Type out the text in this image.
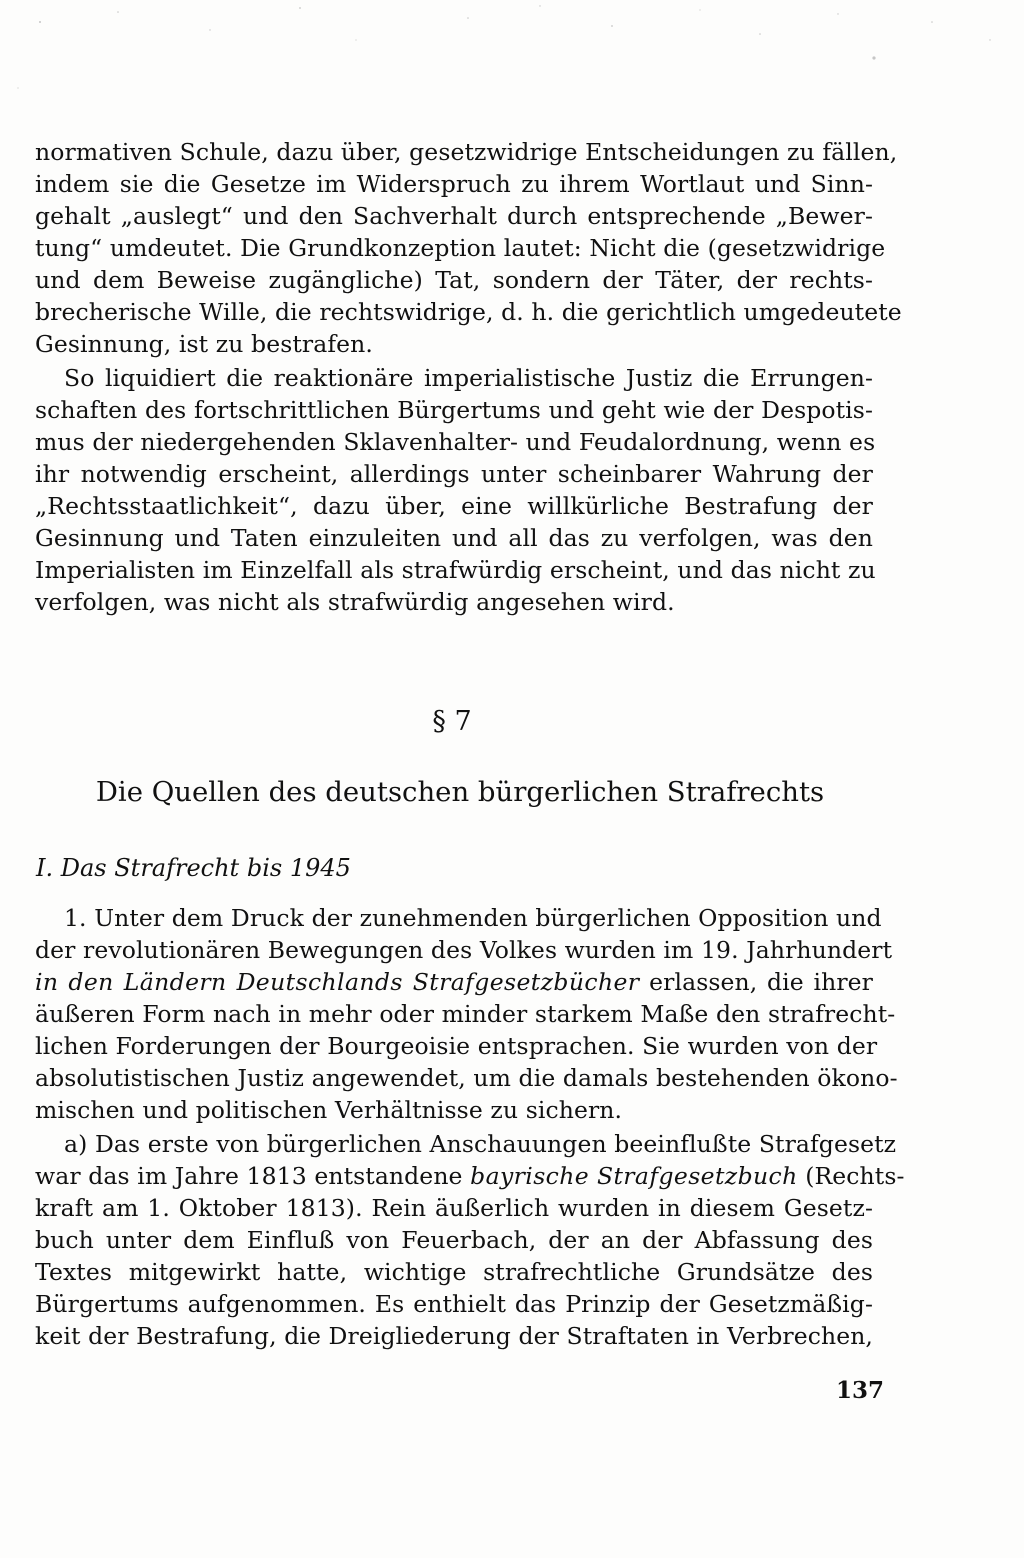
normativen Schule, dazu über, gesetzwidrige Entscheidungen zu fällen,
indem sie die Gesetze im Widerspruch zu ihrem Wortlaut und Sinn-
gehalt „auslegt“ und den Sachverhalt durch entsprechende „Bewer-
tung“ umdeutet. Die Grundkonzeption lautet: Nicht die (gesetzwidrige
und dem Beweise zugängliche) Tat, sondern der Täter, der rechts-
brecherische Wille, die rechtswidrige, d. h. die gerichtlich umgedeutete
Gesinnung, ist zu bestrafen.
So liquidiert die reaktionäre imperialistische Justiz die Errungen-
schaften des fortschrittlichen Bürgertums und geht wie der Despotis-
mus der niedergehenden Sklavenhalter- und Feudalordnung, wenn es
ihr notwendig erscheint, allerdings unter scheinbarer Wahrung der
„Rechtsstaatlichkeit“, dazu über, eine willkürliche Bestrafung der
Gesinnung und Taten einzuleiten und all das zu verfolgen, was den
Imperialisten im Einzelfall als strafwürdig erscheint, und das nicht zu
verfolgen, was nicht als strafwürdig angesehen wird.
§ 7
Die Quellen des deutschen bürgerlichen Strafrechts
I. Das Strafrecht bis 1945
1. Unter dem Druck der zunehmenden bürgerlichen Opposition und
der revolutionären Bewegungen des Volkes wurden im 19. Jahrhundert
in den Ländern Deutschlands Strafgesetzbücher erlassen, die ihrer
äußeren Form nach in mehr oder minder starkem Maße den strafrecht-
lichen Forderungen der Bourgeoisie entsprachen. Sie wurden von der
absolutistischen Justiz angewendet, um die damals bestehenden ökono-
mischen und politischen Verhältnisse zu sichern.
a) Das erste von bürgerlichen Anschauungen beeinflußte Strafgesetz
war das im Jahre 1813 entstandene bayrische Strafgesetzbuch (Rechts-
kraft am 1. Oktober 1813). Rein äußerlich wurden in diesem Gesetz-
buch unter dem Einfluß von Feuerbach, der an der Abfassung des
Textes mitgewirkt hatte, wichtige strafrechtliche Grundsätze des
Bürgertums aufgenommen. Es enthielt das Prinzip der Gesetzmäßig-
keit der Bestrafung, die Dreigliederung der Straftaten in Verbrechen,
137
